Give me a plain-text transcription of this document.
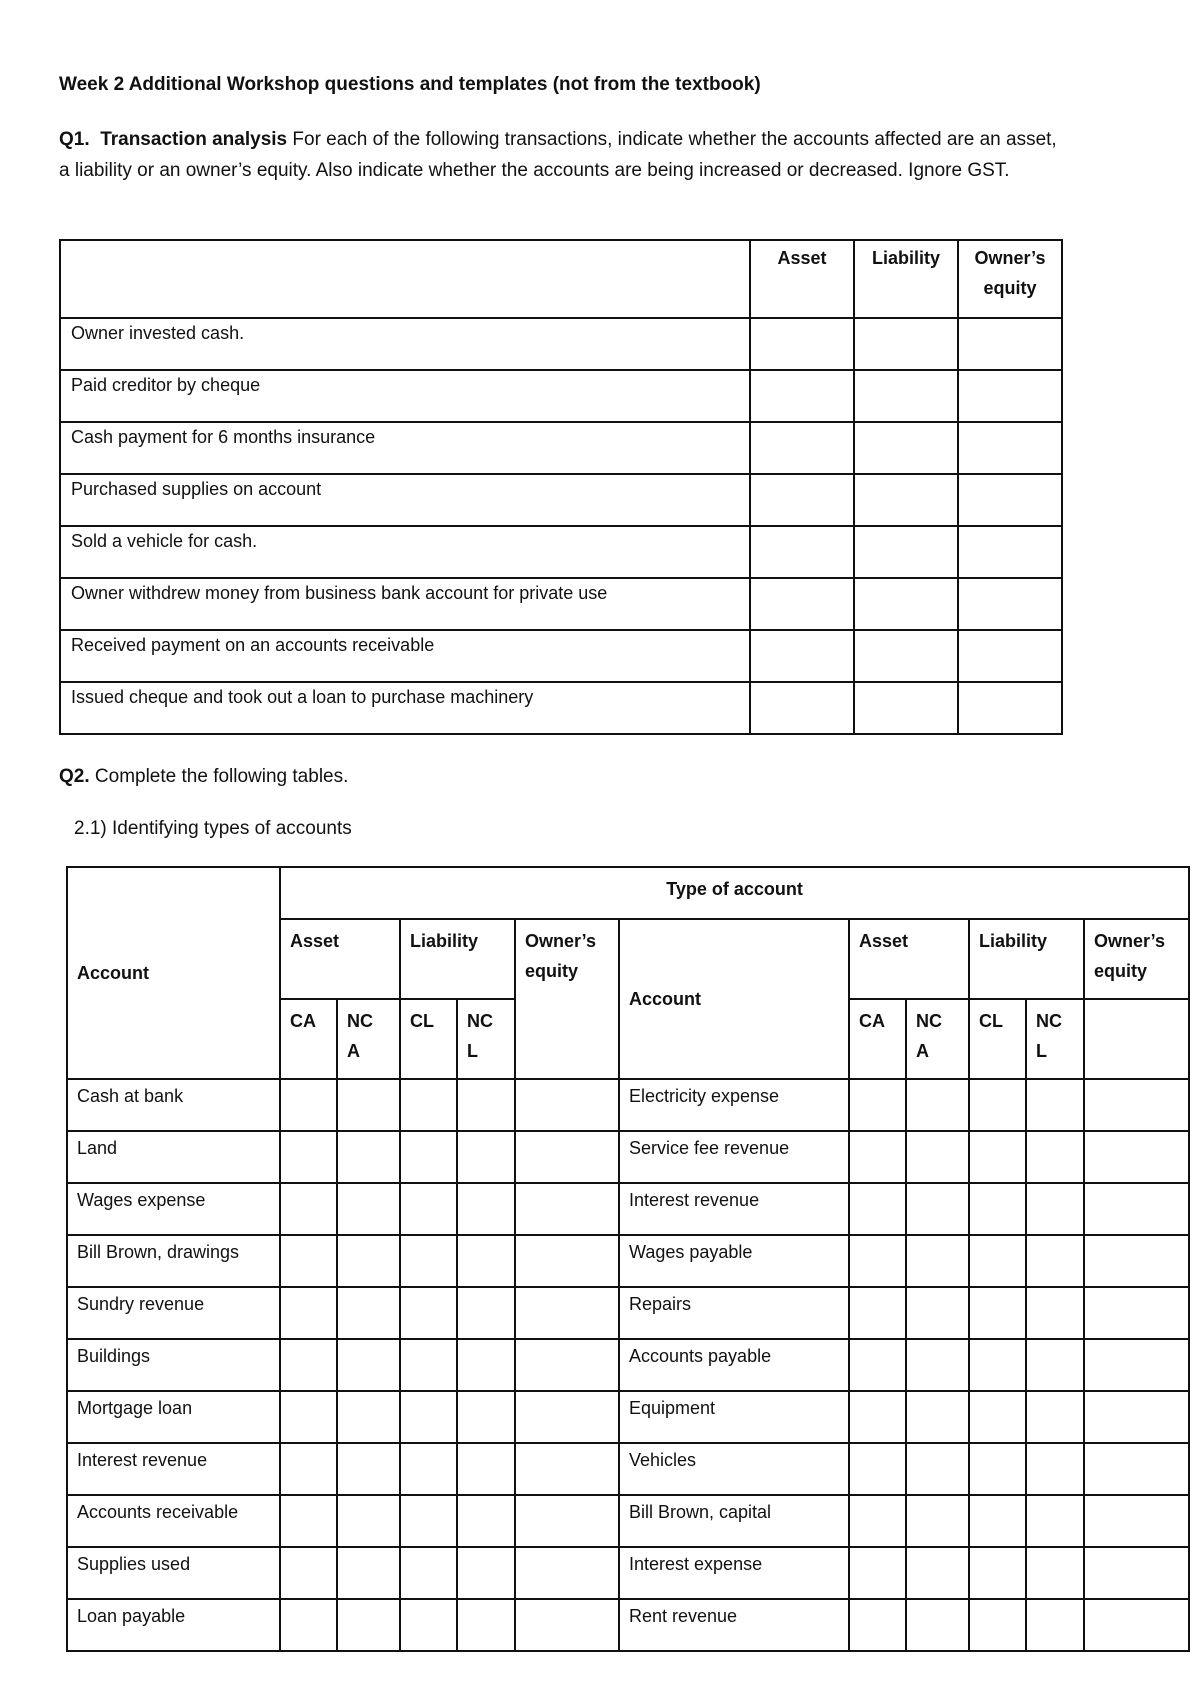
Week 2 Additional Workshop questions and templates (not from the textbook)
Q1. Transaction analysis For each of the following transactions, indicate whether the accounts affected are an asset, a liability or an owner’s equity. Also indicate whether the accounts are being increased or decreased. Ignore GST.
	Asset	Liability	Owner’s equity
Owner invested cash.			
Paid creditor by cheque			
Cash payment for 6 months insurance			
Purchased supplies on account			
Sold a vehicle for cash.			
Owner withdrew money from business bank account for private use			
Received payment on an accounts receivable			
Issued cheque and took out a loan to purchase machinery			
Q2. Complete the following tables.
2.1) Identifying types of accounts
Account	Type of account										
	Asset		Liability		Owner’s equity	Account	Asset		Liability		Owner’s equity
	CA	NC A	CL	NC L			CA	NC A	CL	NC L	
Cash at bank						Electricity expense					
Land						Service fee revenue					
Wages expense						Interest revenue					
Bill Brown, drawings						Wages payable					
Sundry revenue						Repairs					
Buildings						Accounts payable					
Mortgage loan						Equipment					
Interest revenue						Vehicles					
Accounts receivable						Bill Brown, capital					
Supplies used						Interest expense					
Loan payable						Rent revenue					
